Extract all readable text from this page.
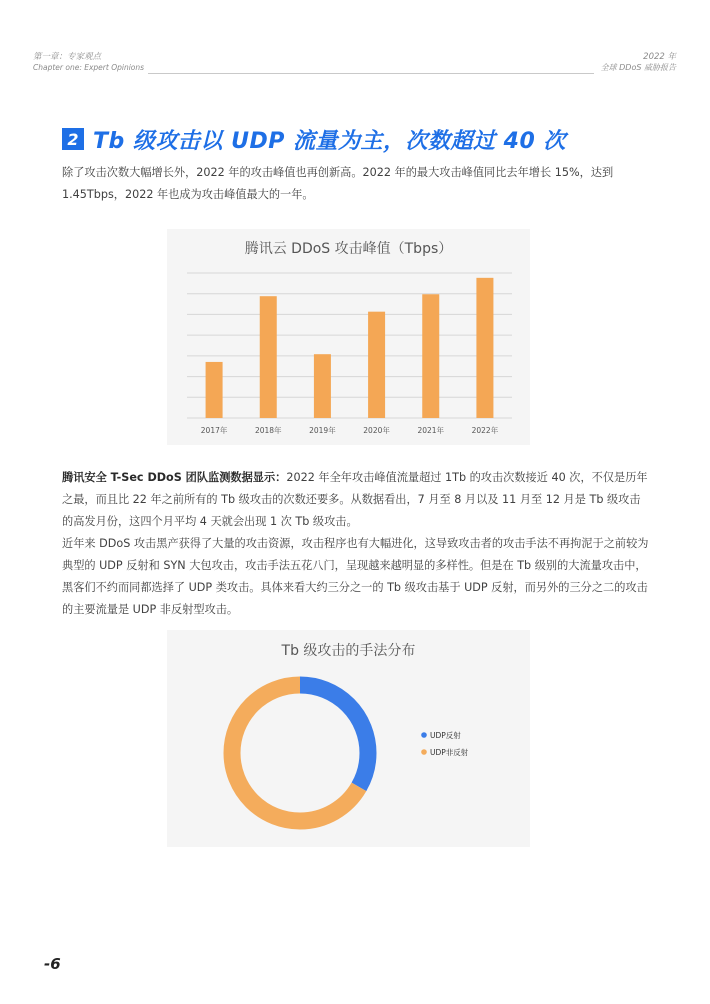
第一章：专家观点
Chapter one: Expert Opinions
2022 年
全球 DDoS 威胁报告
2 Tb 级攻击以 UDP 流量为主，次数超过 40 次

除了攻击次数大幅增长外，2022 年的攻击峰值也再创新高。2022 年的最大攻击峰值同比去年增长 15%，达到 1.45Tbps，2022 年也成为攻击峰值最大的一年。

腾讯云 DDoS 攻击峰值（Tbps）
2017年	2018年	2019年	2020年	2021年	2022年

腾讯安全 T-Sec DDoS 团队监测数据显示：2022 年全年攻击峰值流量超过 1Tb 的攻击次数接近 40 次，不仅是历年之最，而且比 22 年之前所有的 Tb 级攻击的次数还要多。从数据看出，7 月至 8 月以及 11 月至 12 月是 Tb 级攻击的高发月份，这四个月平均 4 天就会出现 1 次 Tb 级攻击。

近年来 DDoS 攻击黑产获得了大量的攻击资源，攻击程序也有大幅进化，这导致攻击者的攻击手法不再拘泥于之前较为典型的 UDP 反射和 SYN 大包攻击，攻击手法五花八门，呈现越来越明显的多样性。但是在 Tb 级别的大流量攻击中，黑客们不约而同都选择了 UDP 类攻击。具体来看大约三分之一的 Tb 级攻击基于 UDP 反射，而另外的三分之二的攻击的主要流量是 UDP 非反射型攻击。

Tb 级攻击的手法分布
UDP反射
UDP非反射
-6
